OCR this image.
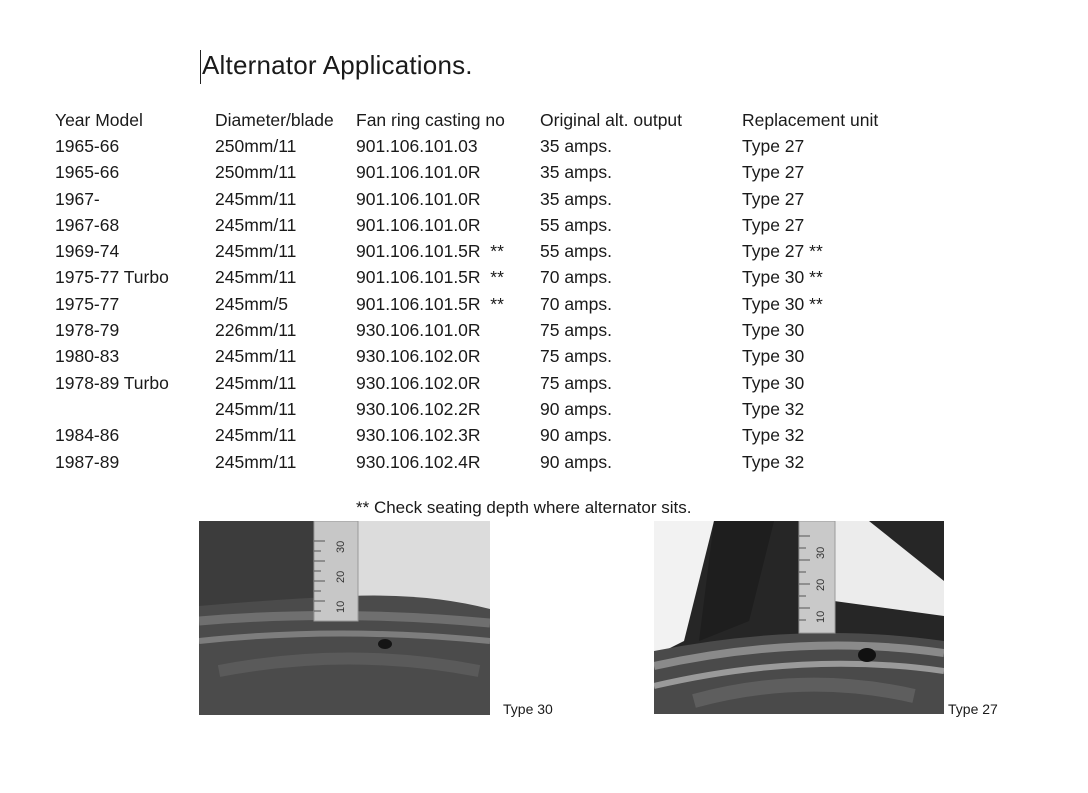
Alternator Applications.
Year Model	Diameter/blade	Fan ring casting no	Original alt. output	Replacement unit
1965-66	250mm/11	901.106.101.03	35 amps.	Type 27
1965-66	250mm/11	901.106.101.0R	35 amps.	Type 27
1967-	245mm/11	901.106.101.0R	35 amps.	Type 27
1967-68	245mm/11	901.106.101.0R	55 amps.	Type 27
1969-74	245mm/11	901.106.101.5R  **	55 amps.	Type 27 **
1975-77 Turbo	245mm/11	901.106.101.5R  **	70 amps.	Type 30 **
1975-77	245mm/5	901.106.101.5R  **	70 amps.	Type 30 **
1978-79	226mm/11	930.106.101.0R	75 amps.	Type 30
1980-83	245mm/11	930.106.102.0R	75 amps.	Type 30
1978-89 Turbo	245mm/11	930.106.102.0R	75 amps.	Type 30
	245mm/11	930.106.102.2R	90 amps.	Type 32
1984-86	245mm/11	930.106.102.3R	90 amps.	Type 32
1987-89	245mm/11	930.106.102.4R	90 amps.	Type 32
** Check seating depth where alternator sits.
30
20
10
Type 30
30
20
10
Type 27
